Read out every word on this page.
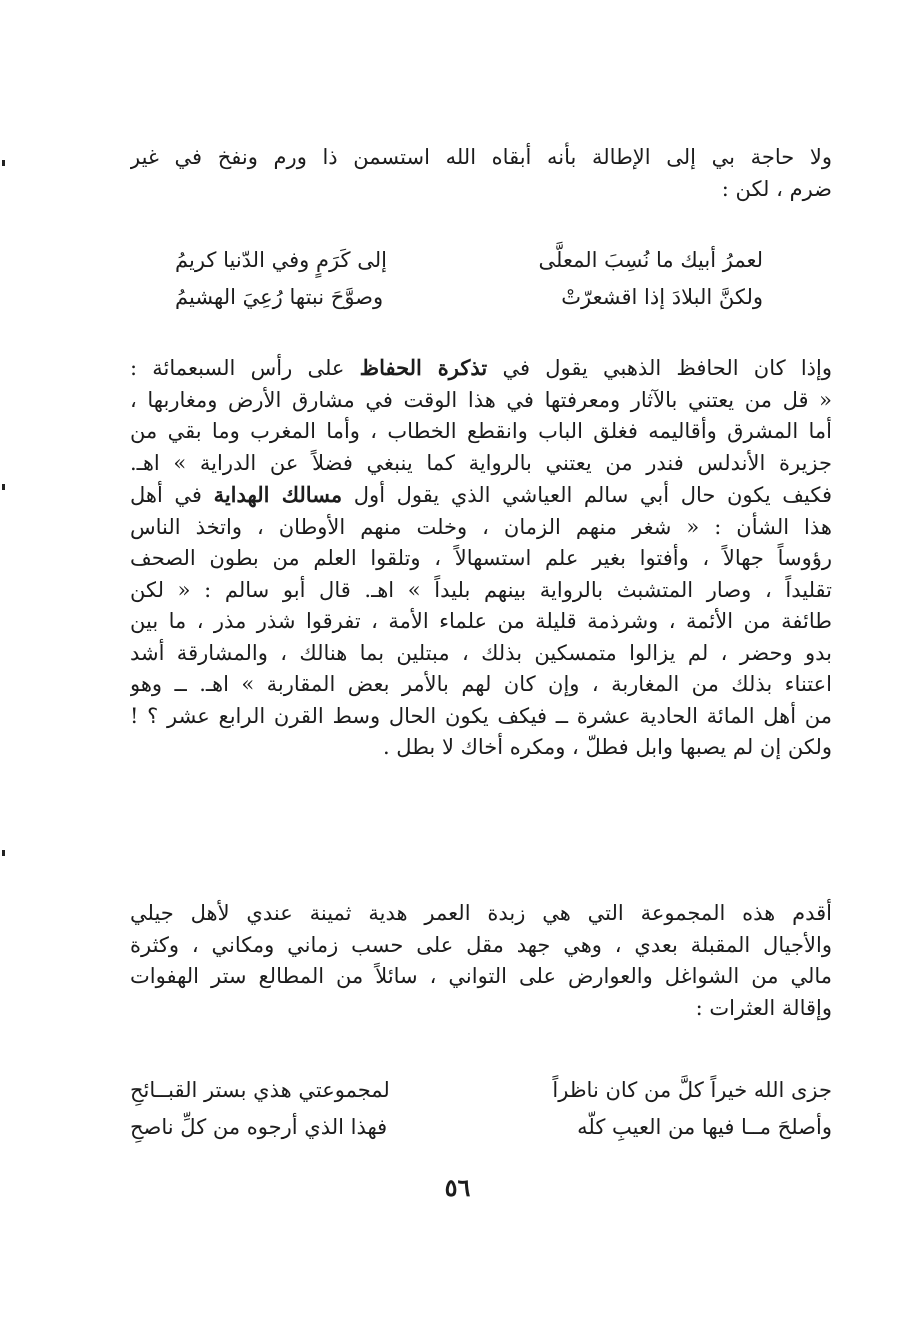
ولا حاجة بي إلى الإطالة بأنه أبقاه الله استسمن ذا ورم ونفخ في غير
ضرم ، لكن :
لعمرُ أبيك ما نُسِبَ المعلَّى
إلى كَرَمٍ وفي الدّنيا كريمُ
ولكنَّ البلادَ إذا اقشعرّتْ
وصوَّحَ نبتها رُعِيَ الهشيمُ
وإذا كان الحافظ الذهبي يقول في تذكرة الحفاظ على رأس السبعمائة :
« قل من يعتني بالآثار ومعرفتها في هذا الوقت في مشارق الأرض ومغاربها ،
أما المشرق وأقاليمه فغلق الباب وانقطع الخطاب ، وأما المغرب وما بقي من
جزيرة الأندلس فندر من يعتني بالرواية كما ينبغي فضلاً عن الدراية » اهـ.
فكيف يكون حال أبي سالم العياشي الذي يقول أول مسالك الهداية في أهل
هذا الشأن : « شغر منهم الزمان ، وخلت منهم الأوطان ، واتخذ الناس
رؤوساً جهالاً ، وأفتوا بغير علم استسهالاً ، وتلقوا العلم من بطون الصحف
تقليداً ، وصار المتشبث بالرواية بينهم بليداً » اهـ. قال أبو سالم : « لكن
طائفة من الأئمة ، وشرذمة قليلة من علماء الأمة ، تفرقوا شذر مذر ، ما بين
بدو وحضر ، لم يزالوا متمسكين بذلك ، مبتلين بما هنالك ، والمشارقة أشد
اعتناء بذلك من المغاربة ، وإن كان لهم بالأمر بعض المقاربة » اهـ. ــ وهو
من أهل المائة الحادية عشرة ــ فيكف يكون الحال وسط القرن الرابع عشر ؟ !
ولكن إن لم يصبها وابل فطلّ ، ومكره أخاك لا بطل .
أقدم هذه المجموعة التي هي زبدة العمر هدية ثمينة عندي لأهل جيلي
والأجيال المقبلة بعدي ، وهي جهد مقل على حسب زماني ومكاني ، وكثرة
مالي من الشواغل والعوارض على التواني ، سائلاً من المطالع ستر الهفوات
وإقالة العثرات :
جزى الله خيراً كلَّ من كان ناظراً
لمجموعتي هذي بستر القبــائحِ
وأصلحَ مــا فيها من العيبِ كلّه
فهذا الذي أرجوه من كلِّ ناصحِ
٥٦
